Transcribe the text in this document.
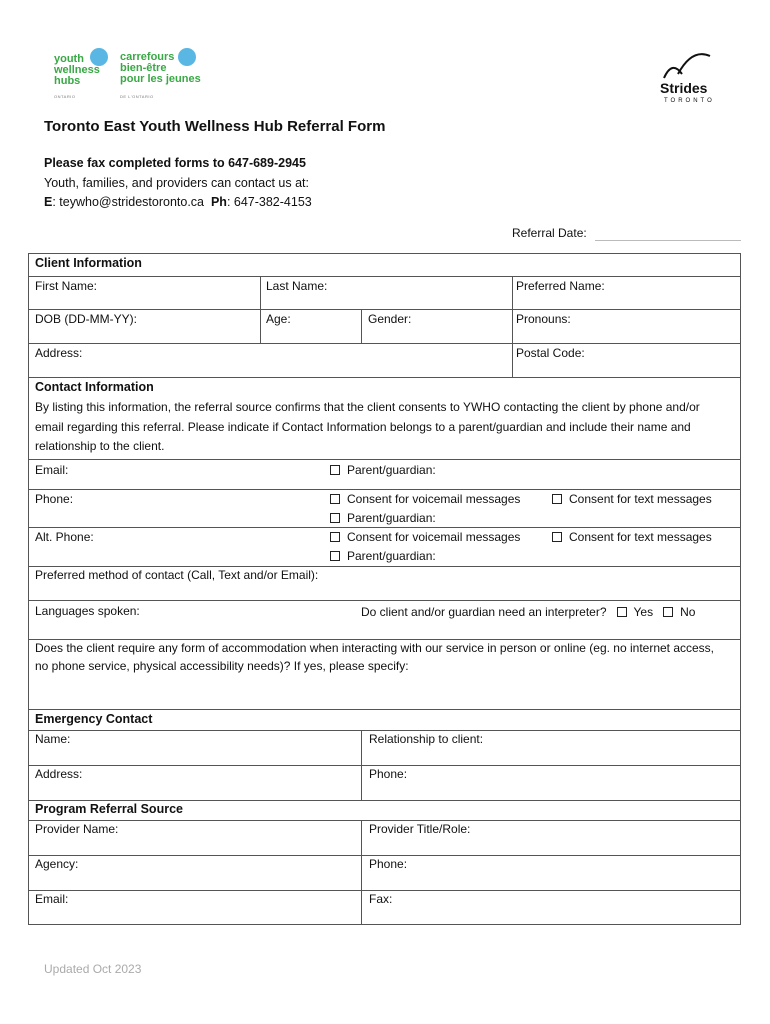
youth
wellness
hubs
ONTARIO
carrefours
bien-être
pour les jeunes
DE L'ONTARIO
Strides
TORONTO
Toronto East Youth Wellness Hub Referral Form
Please fax completed forms to 647-689-2945
Youth, families, and providers can contact us at:
E: teywho@stridestoronto.ca Ph: 647-382-4153
Referral Date:
Client Information
First Name:	Last Name:	Preferred Name:
DOB (DD-MM-YY):	Age:	Gender:	Pronouns:
Address:	Postal Code:
Contact Information
By listing this information, the referral source confirms that the client consents to YWHO contacting the client by phone and/or email regarding this referral. Please indicate if Contact Information belongs to a parent/guardian and include their name and relationship to the client.
Email:	Parent/guardian:
Phone:	Consent for voicemail messages	Consent for text messages
Parent/guardian:
Alt. Phone:	Consent for voicemail messages	Consent for text messages
Parent/guardian:
Preferred method of contact (Call, Text and/or Email):
Languages spoken:	Do client and/or guardian need an interpreter? Yes No
Does the client require any form of accommodation when interacting with our service in person or online (eg. no internet access, no phone service, physical accessibility needs)? If yes, please specify:
Emergency Contact
Name:	Relationship to client:
Address:	Phone:
Program Referral Source
Provider Name:	Provider Title/Role:
Agency:	Phone:
Email:	Fax:
Updated Oct 2023
